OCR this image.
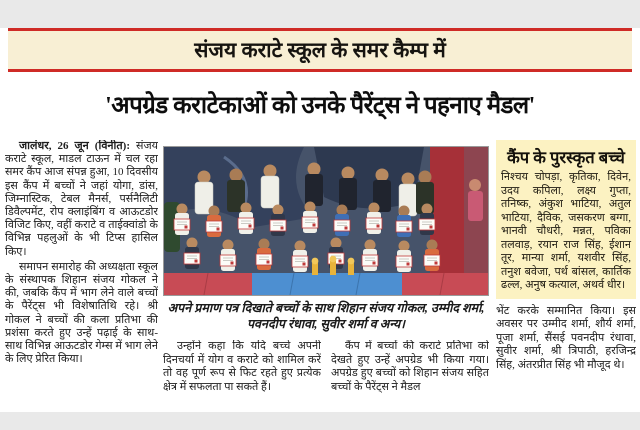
संजय कराटे स्कूल के समर कैम्प में
'अपग्रेड कराटेकाओं को उनके पैरेंट्स ने पहनाए मैडल'

जालंधर, 26 जून (विनीत): संजय कराटे स्कूल, माडल टाऊन में चल रहा समर कैंप आज संपन्न हुआ, 10 दिवसीय इस कैंप में बच्चों ने जहां योगा, डांस, जिम्नास्टिक, टेबल मैनर्स, पर्सनैलिटी डिवैल्पमेंट, रोप क्लाइंबिंग व आऊटडोर विजिट किए, वहीं कराटे व ताईक्वांडो के विभिन्न पहलुओं के भी टिप्स हासिल किए।

समापन समारोह की अध्यक्षता स्कूल के संस्थापक शिहान संजय गोकल ने की, जबकि कैंप में भाग लेने वाले बच्चों के पैरेंट्स भी विशेषातिथि रहे। श्री गोकल ने बच्चों की कला प्रतिभा की प्रशंसा करते हुए उन्हें पढ़ाई के साथ-साथ विभिन्न आऊटडोर गेम्स में भाग लेने के लिए प्रेरित किया।

अपने प्रमाण पत्र दिखाते बच्चों के साथ शिहान संजय गोकल, उम्मीद शर्मा, पवनदीप रंधावा, सुवीर शर्मा व अन्य।

उन्होंने कहा कि यदि बच्चे अपनी दिनचर्या में योग व कराटे को शामिल करें तो वह पूर्ण रूप से फिट रहते हुए प्रत्येक क्षेत्र में सफलता पा सकते हैं।

कैंप में बच्चों की कराटे प्रतिभा को देखते हुए उन्हें अपग्रेड भी किया गया। अपग्रेड हुए बच्चों को शिहान संजय सहित बच्चों के पैरेंट्स ने मैडल

कैंप के पुरस्कृत बच्चे

निश्चय चोपड़ा, कृतिका, दिवेन, उदय कपिला, लक्ष्य गुप्ता, तनिष्क, अंकुश भाटिया, अतुल भाटिया, दैविक, जसकरण बग्गा, भानवी चौधरी, मन्नत, पविका तलवाड़, रयान राज सिंह, ईशान तूर, मान्या शर्मा, यशवीर सिंह, तनुश बवेजा, पर्थ बांसल, कार्तिक ढल्ल, अनुष कत्याल, अथर्व धीर।

भेंट करके सम्मानित किया। इस अवसर पर उम्मीद शर्मा, शौर्य शर्मा, पूजा शर्मा, सैंसई पवनदीप रंधावा, सुवीर शर्मा, श्री त्रिपाठी, हरजिन्द्र सिंह, अंतरप्रीत सिंह भी मौजूद थे।
